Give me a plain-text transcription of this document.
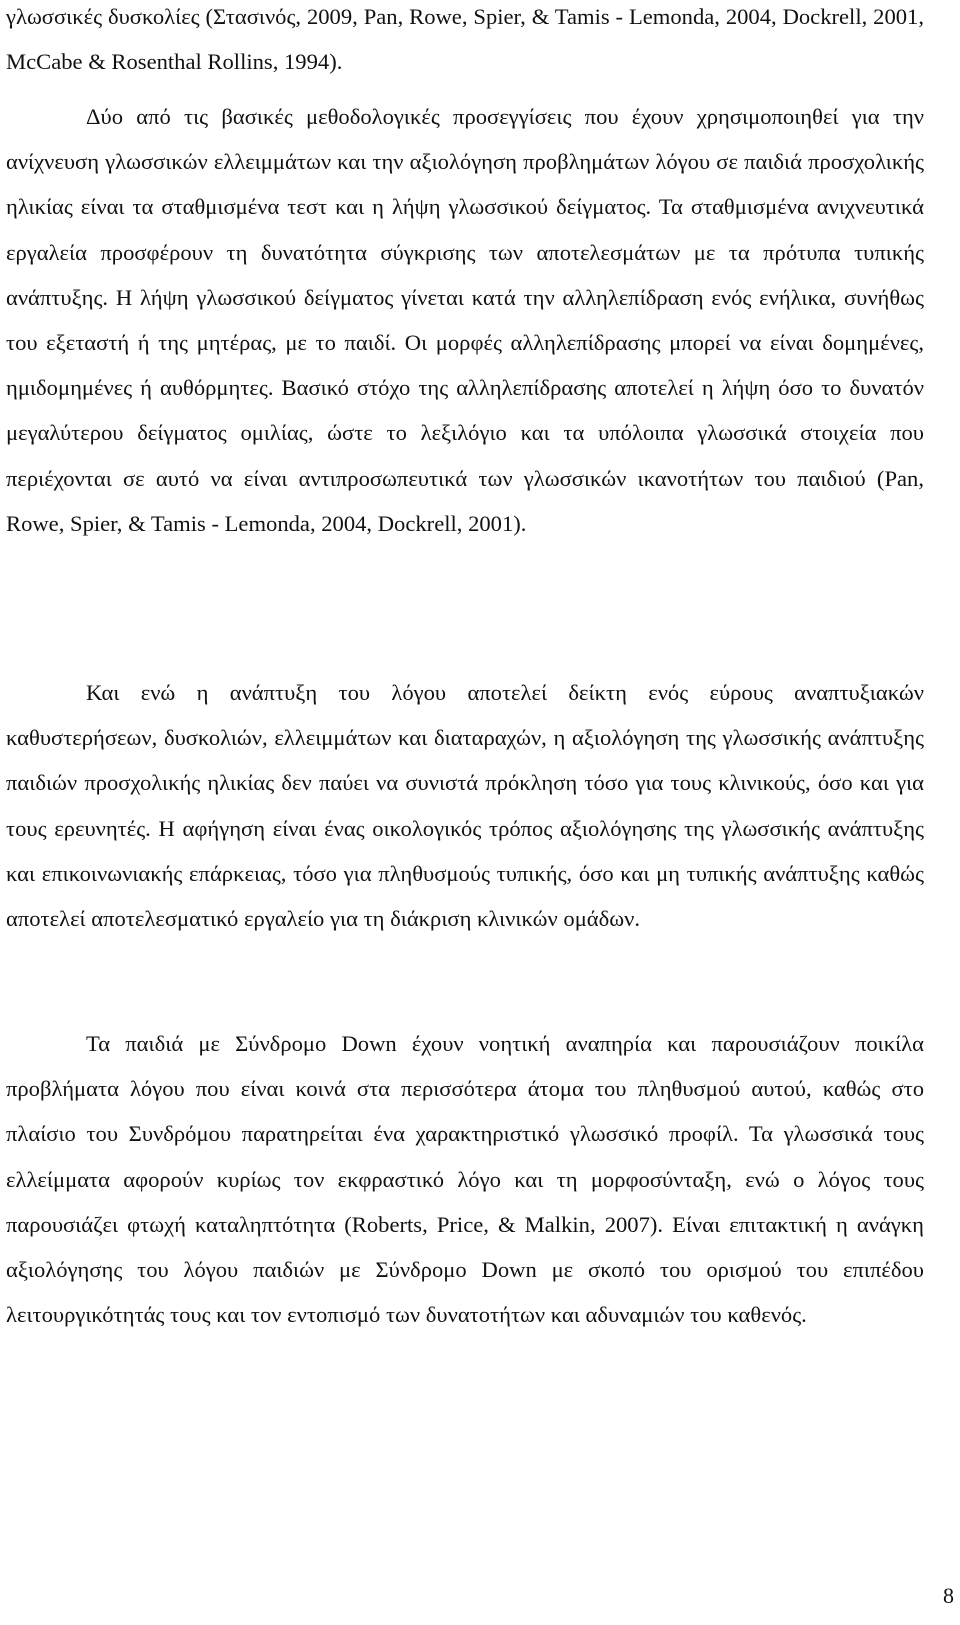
γλωσσικές δυσκολίες (Στασινός, 2009, Pan, Rowe, Spier, & Tamis - Lemonda, 2004, Dockrell, 2001, McCabe & Rosenthal Rollins, 1994).

Δύο από τις βασικές μεθοδολογικές προσεγγίσεις που έχουν χρησιμοποιηθεί για την ανίχνευση γλωσσικών ελλειμμάτων και την αξιολόγηση προβλημάτων λόγου σε παιδιά προσχολικής ηλικίας είναι τα σταθμισμένα τεστ και η λήψη γλωσσικού δείγματος. Τα σταθμισμένα ανιχνευτικά εργαλεία προσφέρουν τη δυνατότητα σύγκρισης των αποτελεσμάτων με τα πρότυπα τυπικής ανάπτυξης. Η λήψη γλωσσικού δείγματος γίνεται κατά την αλληλεπίδραση ενός ενήλικα, συνήθως του εξεταστή ή της μητέρας, με το παιδί. Οι μορφές αλληλεπίδρασης μπορεί να είναι δομημένες, ημιδομημένες ή αυθόρμητες. Βασικό στόχο της αλληλεπίδρασης αποτελεί η λήψη όσο το δυνατόν μεγαλύτερου δείγματος ομιλίας, ώστε το λεξιλόγιο και τα υπόλοιπα γλωσσικά στοιχεία που περιέχονται σε αυτό να είναι αντιπροσωπευτικά των γλωσσικών ικανοτήτων του παιδιού (Pan, Rowe, Spier, & Tamis - Lemonda, 2004, Dockrell, 2001).

Και ενώ η ανάπτυξη του λόγου αποτελεί δείκτη ενός εύρους αναπτυξιακών καθυστερήσεων, δυσκολιών, ελλειμμάτων και διαταραχών, η αξιολόγηση της γλωσσικής ανάπτυξης παιδιών προσχολικής ηλικίας δεν παύει να συνιστά πρόκληση τόσο για τους κλινικούς, όσο και για τους ερευνητές. Η αφήγηση είναι ένας οικολογικός τρόπος αξιολόγησης της γλωσσικής ανάπτυξης και επικοινωνιακής επάρκειας, τόσο για πληθυσμούς τυπικής, όσο και μη τυπικής ανάπτυξης καθώς αποτελεί αποτελεσματικό εργαλείο για τη διάκριση κλινικών ομάδων.

Τα παιδιά με Σύνδρομο Down έχουν νοητική αναπηρία και παρουσιάζουν ποικίλα προβλήματα λόγου που είναι κοινά στα περισσότερα άτομα του πληθυσμού αυτού, καθώς στο πλαίσιο του Συνδρόμου παρατηρείται ένα χαρακτηριστικό γλωσσικό προφίλ. Τα γλωσσικά τους ελλείμματα αφορούν κυρίως τον εκφραστικό λόγο και τη μορφοσύνταξη, ενώ ο λόγος τους παρουσιάζει φτωχή καταληπτότητα (Roberts, Price, & Malkin, 2007). Είναι επιτακτική η ανάγκη αξιολόγησης του λόγου παιδιών με Σύνδρομο Down με σκοπό του ορισμού του επιπέδου λειτουργικότητάς τους και τον εντοπισμό των δυνατοτήτων και αδυναμιών του καθενός.

8
